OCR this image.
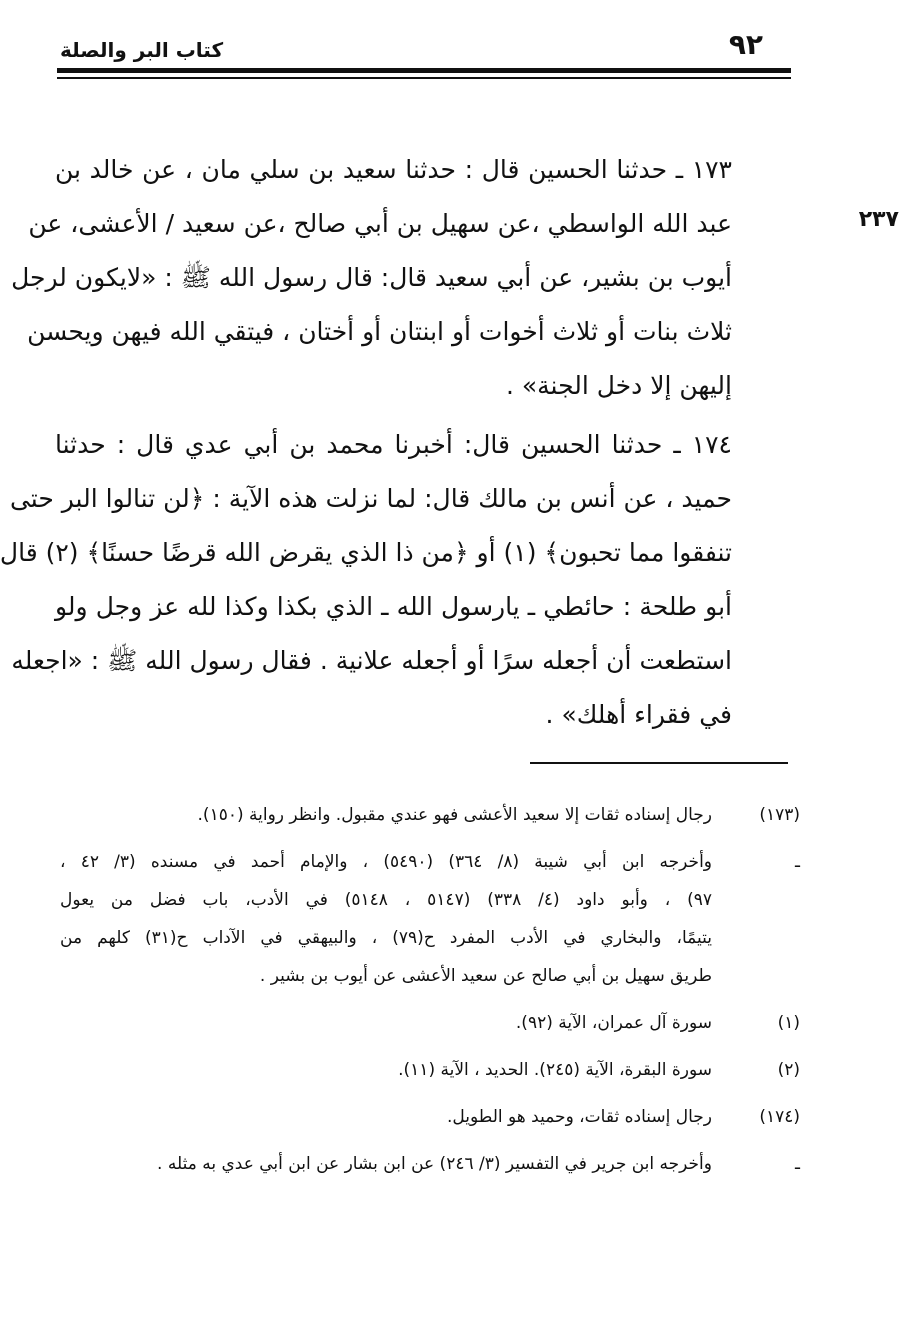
٩٢
كتاب البر والصلة
٢٣٧

١٧٣ ـ حدثنا الحسين قال : حدثنا سعيد بن سلي مان ، عن خالد بن
عبد الله الواسطي ،عن سهيل بن أبي صالح ،عن سعيد / الأعشى، عن
أيوب بن بشير، عن أبي سعيد قال: قال رسول الله ﷺ : «لايكون لرجل
ثلاث بنات أو ثلاث أخوات أو ابنتان أو أختان ، فيتقي الله فيهن ويحسن
إليهن إلا دخل الجنة» .

١٧٤ ـ حدثنا الحسين قال: أخبرنا محمد بن أبي عدي قال : حدثنا
حميد ، عن أنس بن مالك قال: لما نزلت هذه الآية : ﴿لن تنالوا البر حتى
تنفقوا مما تحبون﴾ (١) أو ﴿من ذا الذي يقرض الله قرضًا حسنًا﴾ (٢) قال
أبو طلحة : حائطي ـ يارسول الله ـ الذي بكذا وكذا لله عز وجل ولو
استطعت أن أجعله سرًا أو أجعله علانية . فقال رسول الله ﷺ : «اجعله
في فقراء أهلك» .

(١٧٣)
رجال إسناده ثقات إلا سعيد الأعشى فهو عندي مقبول. وانظر رواية (١٥٠).
ـ
وأخرجه ابن أبي شيبة (٨/ ٣٦٤) (٥٤٩٠) ، والإمام أحمد في مسنده (٣/ ٤٢ ،
٩٧) ، وأبو داود (٤/ ٣٣٨) (٥١٤٧ ، ٥١٤٨) في الأدب، باب فضل من يعول
يتيمًا، والبخاري في الأدب المفرد ح(٧٩) ، والبيهقي في الآداب ح(٣١) كلهم من
طريق سهيل بن أبي صالح عن سعيد الأعشى عن أيوب بن بشير .
(١)
سورة آل عمران، الآية (٩٢).
(٢)
سورة البقرة، الآية (٢٤٥). الحديد ، الآية (١١).
(١٧٤)
رجال إسناده ثقات، وحميد هو الطويل.
ـ
وأخرجه ابن جرير في التفسير (٣/ ٢٤٦) عن ابن بشار عن ابن أبي عدي به مثله .
